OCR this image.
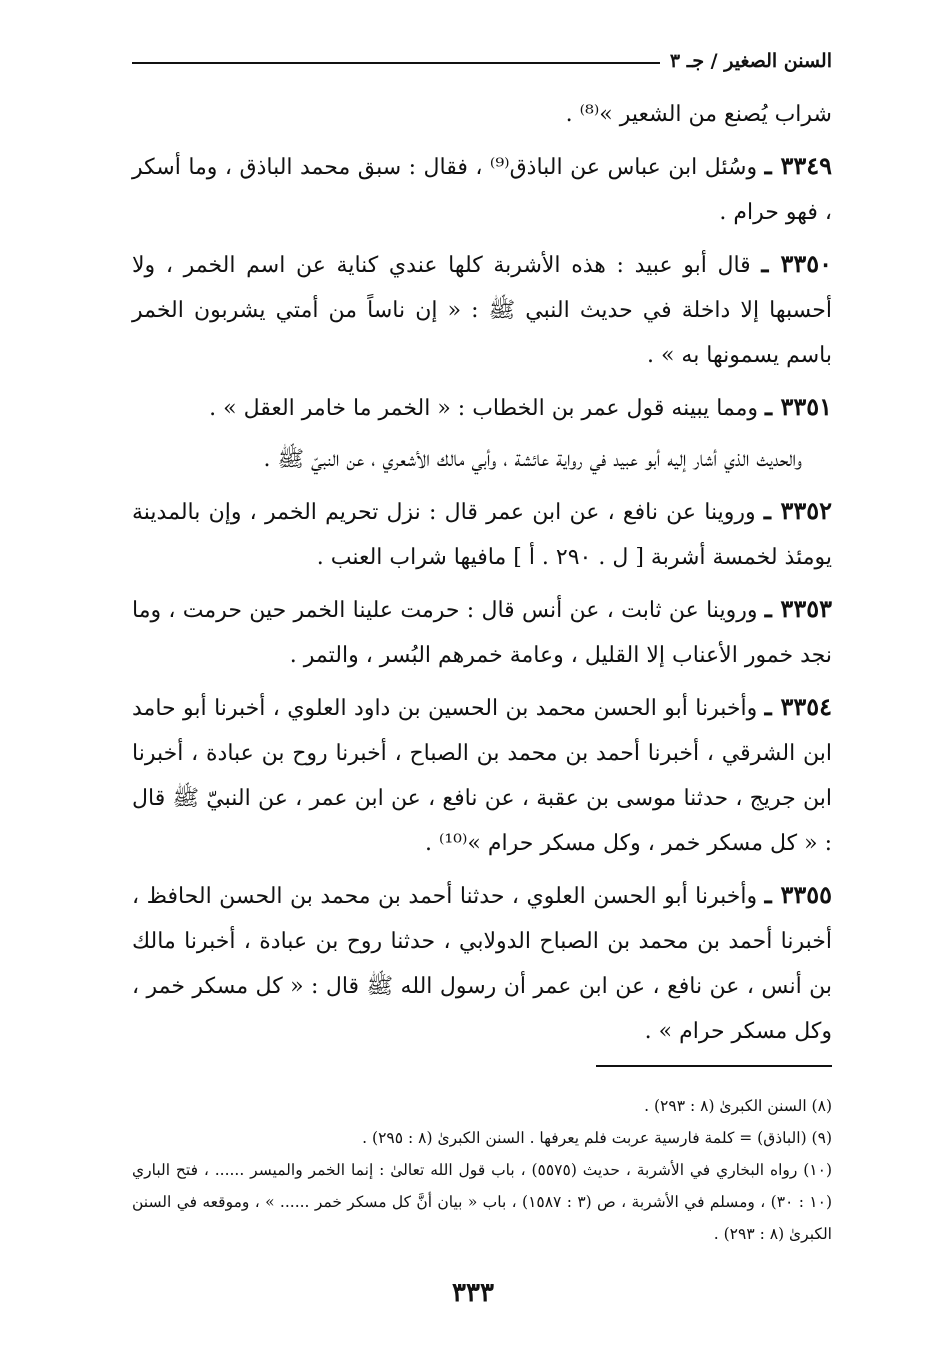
السنن الصغير / جـ ٣

شراب يُصنع من الشعير »⁽⁸⁾ .

٣٣٤٩ ـ وسُئل ابن عباس عن الباذق⁽⁹⁾ ، فقال : سبق محمد الباذق ، وما أسكر ، فهو حرام .

٣٣٥٠ ـ قال أبو عبيد : هذه الأشربة كلها عندي كناية عن اسم الخمر ، ولا أحسبها إلا داخلة في حديث النبي ﷺ : « إن ناساً من أمتي يشربون الخمر باسم يسمونها به » .

٣٣٥١ ـ ومما يبينه قول عمر بن الخطاب : « الخمر ما خامر العقل » .

والحديث الذي أشار إليه أبو عبيد في رواية عائشة ، وأبي مالك الأشعري ، عن النبيّ ﷺ .

٣٣٥٢ ـ وروينا عن نافع ، عن ابن عمر قال : نزل تحريم الخمر ، وإن بالمدينة يومئذ لخمسة أشربة [ ل . ٢٩٠ . أ ] مافيها شراب العنب .

٣٣٥٣ ـ وروينا عن ثابت ، عن أنس قال : حرمت علينا الخمر حين حرمت ، وما نجد خمور الأعناب إلا القليل ، وعامة خمرهم البُسر ، والتمر .

٣٣٥٤ ـ وأخبرنا أبو الحسن محمد بن الحسين بن داود العلوي ، أخبرنا أبو حامد ابن الشرقي ، أخبرنا أحمد بن محمد بن الصباح ، أخبرنا روح بن عبادة ، أخبرنا ابن جريج ، حدثنا موسى بن عقبة ، عن نافع ، عن ابن عمر ، عن النبيّ ﷺ قال : « كل مسكر خمر ، وكل مسكر حرام »⁽¹⁰⁾ .

٣٣٥٥ ـ وأخبرنا أبو الحسن العلوي ، حدثنا أحمد بن محمد بن الحسن الحافظ ، أخبرنا أحمد بن محمد بن الصباح الدولابي ، حدثنا روح بن عبادة ، أخبرنا مالك بن أنس ، عن نافع ، عن ابن عمر أن رسول الله ﷺ قال : « كل مسكر خمر ، وكل مسكر حرام » .

(٨) السنن الكبرىٰ (٨ : ٢٩٣) .

(٩) (الباذق) = كلمة فارسية عربت فلم يعرفها . السنن الكبرىٰ (٨ : ٢٩٥) .

(١٠) رواه البخاري في الأشربة ، حديث (٥٥٧٥) ، باب قول الله تعالىٰ : إنما الخمر والميسر ...... ، فتح الباري (١٠ : ٣٠) ، ومسلم في الأشربة ، ص (٣ : ١٥٨٧) ، باب « بيان أنَّ كل مسكر خمر ...... » ، وموقعه في السنن الكبرىٰ (٨ : ٢٩٣) .

٣٣٣
